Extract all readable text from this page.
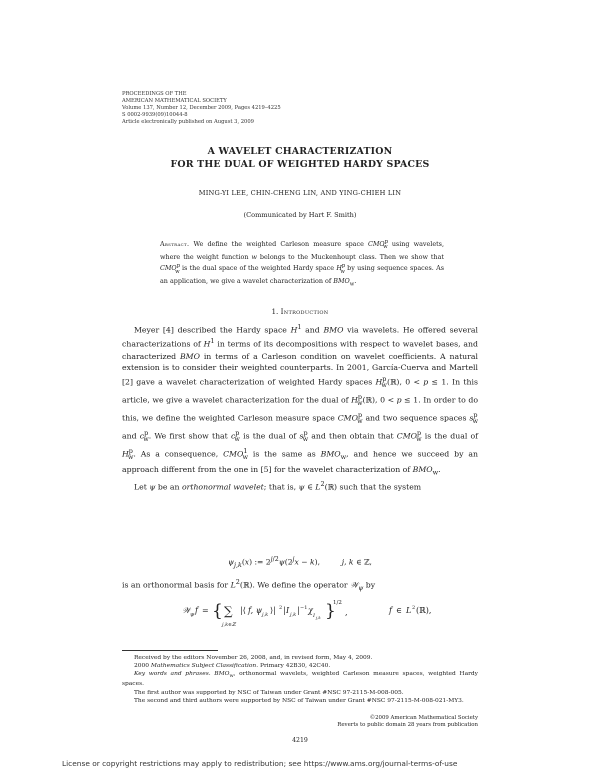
PROCEEDINGS OF THE
AMERICAN MATHEMATICAL SOCIETY
Volume 137, Number 12, December 2009, Pages 4219–4225
S 0002-9939(09)10044-8
Article electronically published on August 3, 2009
A WAVELET CHARACTERIZATION
FOR THE DUAL OF WEIGHTED HARDY SPACES
MING-YI LEE, CHIN-CHENG LIN, AND YING-CHIEH LIN
(Communicated by Hart F. Smith)
Abstract. We define the weighted Carleson measure space $CMO^p_w$ using wavelets, where the weight function w belongs to the Muckenhoupt class. Then we show that $CMO^p_w$ is the dual space of the weighted Hardy space $H^p_w$ by using sequence spaces. As an application, we give a wavelet characterization of $BMO_w$.
1. Introduction

Meyer [4] described the Hardy space $H^1$ and BMO via wavelets. He offered several characterizations of $H^1$ in terms of its decompositions with respect to wavelet bases, and characterized BMO in terms of a Carleson condition on wavelet coefficients. A natural extension is to consider their weighted counterparts. In 2001, García-Cuerva and Martell [2] gave a wavelet characterization of weighted Hardy spaces $H^p_w(ℝ)$, 0 < p ≤ 1. In this article, we give a wavelet characterization for the dual of $H^p_w(ℝ)$, 0 < p ≤ 1. In order to do this, we define the weighted Carleson measure space $CMO^p_w$ and two sequence spaces $s^p_w$ and $c^p_w$. We first show that $c^p_w$ is the dual of $s^p_w$ and then obtain that $CMO^p_w$ is the dual of $H^p_w$. As a consequence, $CMO^1_w$ is the same as $BMO_w$, and hence we succeed by an approach different from the one in [5] for the wavelet characterization of $BMO_w$.

Let ψ be an orthonormal wavelet; that is, ψ ∈ $L^2(ℝ)$ such that the system

$\psi_{j,k}(x)$ := $2^{j/2}\psi(2^jx - k)$,         j, k ∈ ℤ,
is an orthonormal basis for $L^2(ℝ)$. We define the operator 𝒲$_\psi$ by
𝒲 ψ f = { ∑
j,k∈ℤ
|⟨ f, ψ j,k ⟩| 2 | I j,k | −1 χ
I j,k }
1/2
,	f ∈ L 2 (ℝ),

Received by the editors November 26, 2008, and, in revised form, May 4, 2009.

2000 Mathematics Subject Classification. Primary 42B30, 42C40.

Key words and phrases. $BMO_w$, orthonormal wavelets, weighted Carleson measure spaces, weighted Hardy spaces.

The first author was supported by NSC of Taiwan under Grant #NSC 97-2115-M-008-005.

The second and third authors were supported by NSC of Taiwan under Grant #NSC 97-2115-M-008-021-MY3.

©2009 American Mathematical Society
Reverts to public domain 28 years from publication
4219
License or copyright restrictions may apply to redistribution; see https://www.ams.org/journal-terms-of-use
